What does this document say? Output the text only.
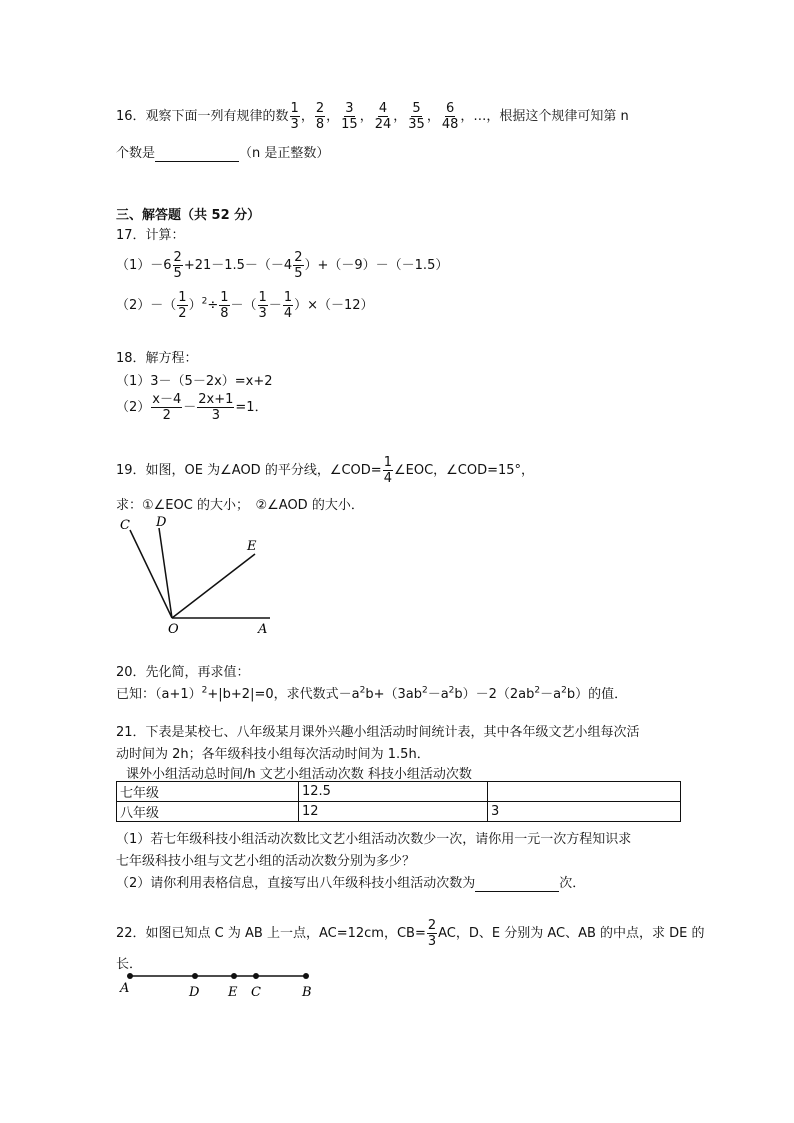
16．观察下面一列有规律的数 $\frac{1}{3}$ ， $\frac{2}{8}$ ， $\frac{3}{15}$ ， $\frac{4}{24}$ ， $\frac{5}{35}$ ， $\frac{6}{48}$ ，…，根据这个规律可知第 n
个数是	（n 是正整数）
三、解答题（共 52 分）
17．计算：
$(1)-6 \frac{2}{5} +21-1.5-(-4 \frac{2}{5} )+(-9)-(-1.5)$
$(2)-( \frac{1}{2} )^2\div \frac{1}{8}$ －（ $\frac{1}{3} - \frac{1}{4} )\times(-12)$
18．解方程：
（1）3－（5－2x）=x+2
$(2) \frac{x-4}{2} - \frac{2x+1}{3} =1$．
19．如图，OE 为∠AOD 的平分线，∠COD= $\frac{1}{4}$ ∠EOC，∠COD=15°，
求：①∠EOC 的大小；　②∠AOD 的大小．
C D
E
O	A
20．先化简，再求值：
已知：$(a+1)^2+|b+2|=0$，求代数式$-a^2b+(3ab^2-a^2b)-2(2ab^2-a^2b)$的值．
21．下表是某校七、八年级某月课外兴趣小组活动时间统计表，其中各年级文艺小组每次活
动时间为 2h；各年级科技小组每次活动时间为 1.5h．
课外小组活动总时间/h 文艺小组活动次数 科技小组活动次数
七年级	12.5	
八年级	12	3
（1）若七年级科技小组活动次数比文艺小组活动次数少一次，请你用一元一次方程知识求
七年级科技小组与文艺小组的活动次数分别为多少？
（2）请你利用表格信息，直接写出八年级科技小组活动次数为	次．
22．如图已知点 C 为 AB 上一点，AC=12cm，$CB= \frac{2}{3}$ AC，D、E 分别为 AC、AB 的中点，求 DE 的
长．
A	D E C	B
